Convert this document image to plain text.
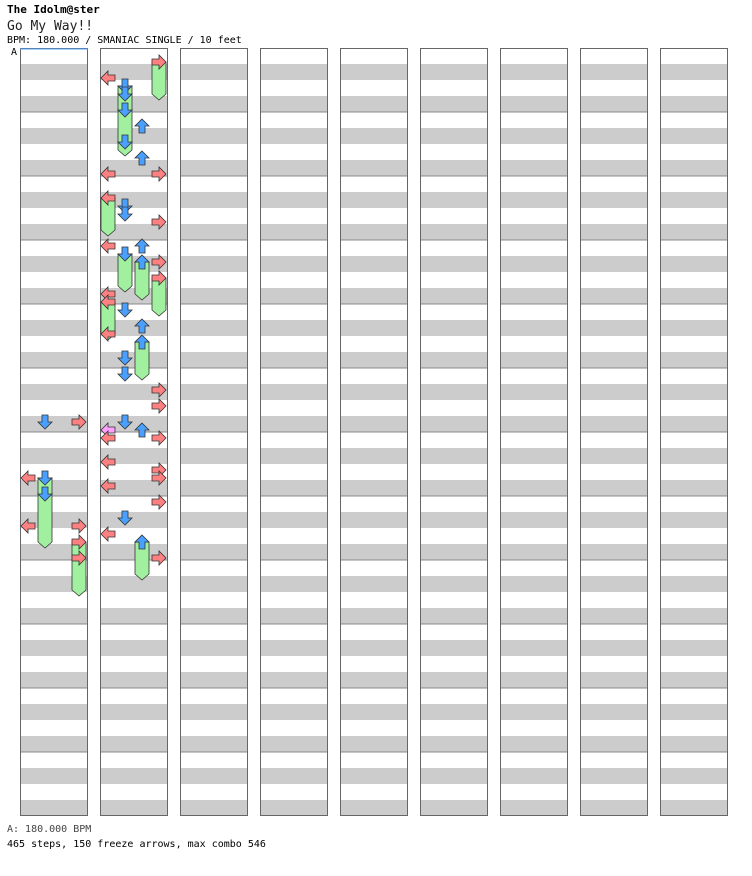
The Idolm@ster
Go My Way!!
BPM: 180.000 / SMANIAC SINGLE / 10 feet
A
A: 180.000 BPM
465 steps, 150 freeze arrows, max combo 546
